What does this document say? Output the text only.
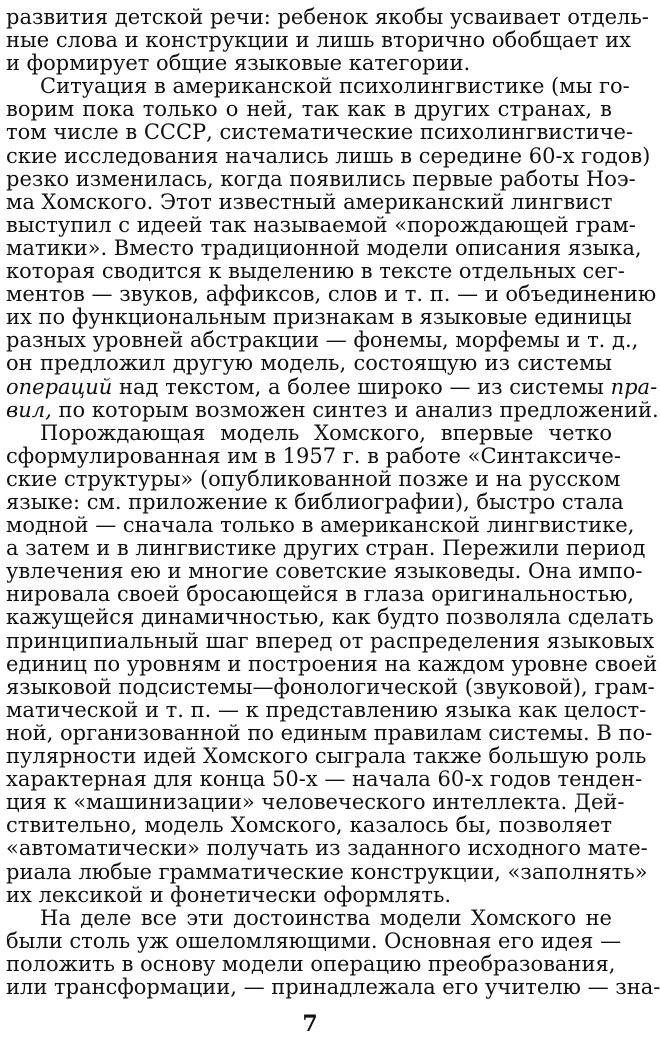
развития детской речи: ребенок якобы усваивает отдель-
ные слова и конструкции и лишь вторично обобщает их
и формирует общие языковые категории.
Ситуация в американской психолингвистике (мы го-
ворим пока только о ней, так как в других странах, в
том числе в СССР, систематические психолингвистиче-
ские исследования начались лишь в середине 60-х годов)
резко изменилась, когда появились первые работы Ноэ-
ма Хомского. Этот известный американский лингвист
выступил с идеей так называемой «порождающей грам-
матики». Вместо традиционной модели описания языка,
которая сводится к выделению в тексте отдельных сег-
ментов — звуков, аффиксов, слов и т. п. — и объединению
их по функциональным признакам в языковые единицы
разных уровней абстракции — фонемы, морфемы и т. д.,
он предложил другую модель, состоящую из системы
операций над текстом, а более широко — из системы пра-
вил, по которым возможен синтез и анализ предложений.
Порождающая модель Хомского, впервые четко
сформулированная им в 1957 г. в работе «Синтаксиче-
ские структуры» (опубликованной позже и на русском
языке: см. приложение к библиографии), быстро стала
модной — сначала только в американской лингвистике,
а затем и в лингвистике других стран. Пережили период
увлечения ею и многие советские языковеды. Она импо-
нировала своей бросающейся в глаза оригинальностью,
кажущейся динамичностью, как будто позволяла сделать
принципиальный шаг вперед от распределения языковых
единиц по уровням и построения на каждом уровне своей
языковой подсистемы—фонологической (звуковой), грам-
матической и т. п. — к представлению языка как целост-
ной, организованной по единым правилам системы. В по-
пулярности идей Хомского сыграла также большую роль
характерная для конца 50-х — начала 60-х годов тенден-
ция к «машинизации» человеческого интеллекта. Дей-
ствительно, модель Хомского, казалось бы, позволяет
«автоматически» получать из заданного исходного мате-
риала любые грамматические конструкции, «заполнять»
их лексикой и фонетически оформлять.
На деле все эти достоинства модели Хомского не
были столь уж ошеломляющими. Основная его идея —
положить в основу модели операцию преобразования,
или трансформации, — принадлежала его учителю — зна-
7
